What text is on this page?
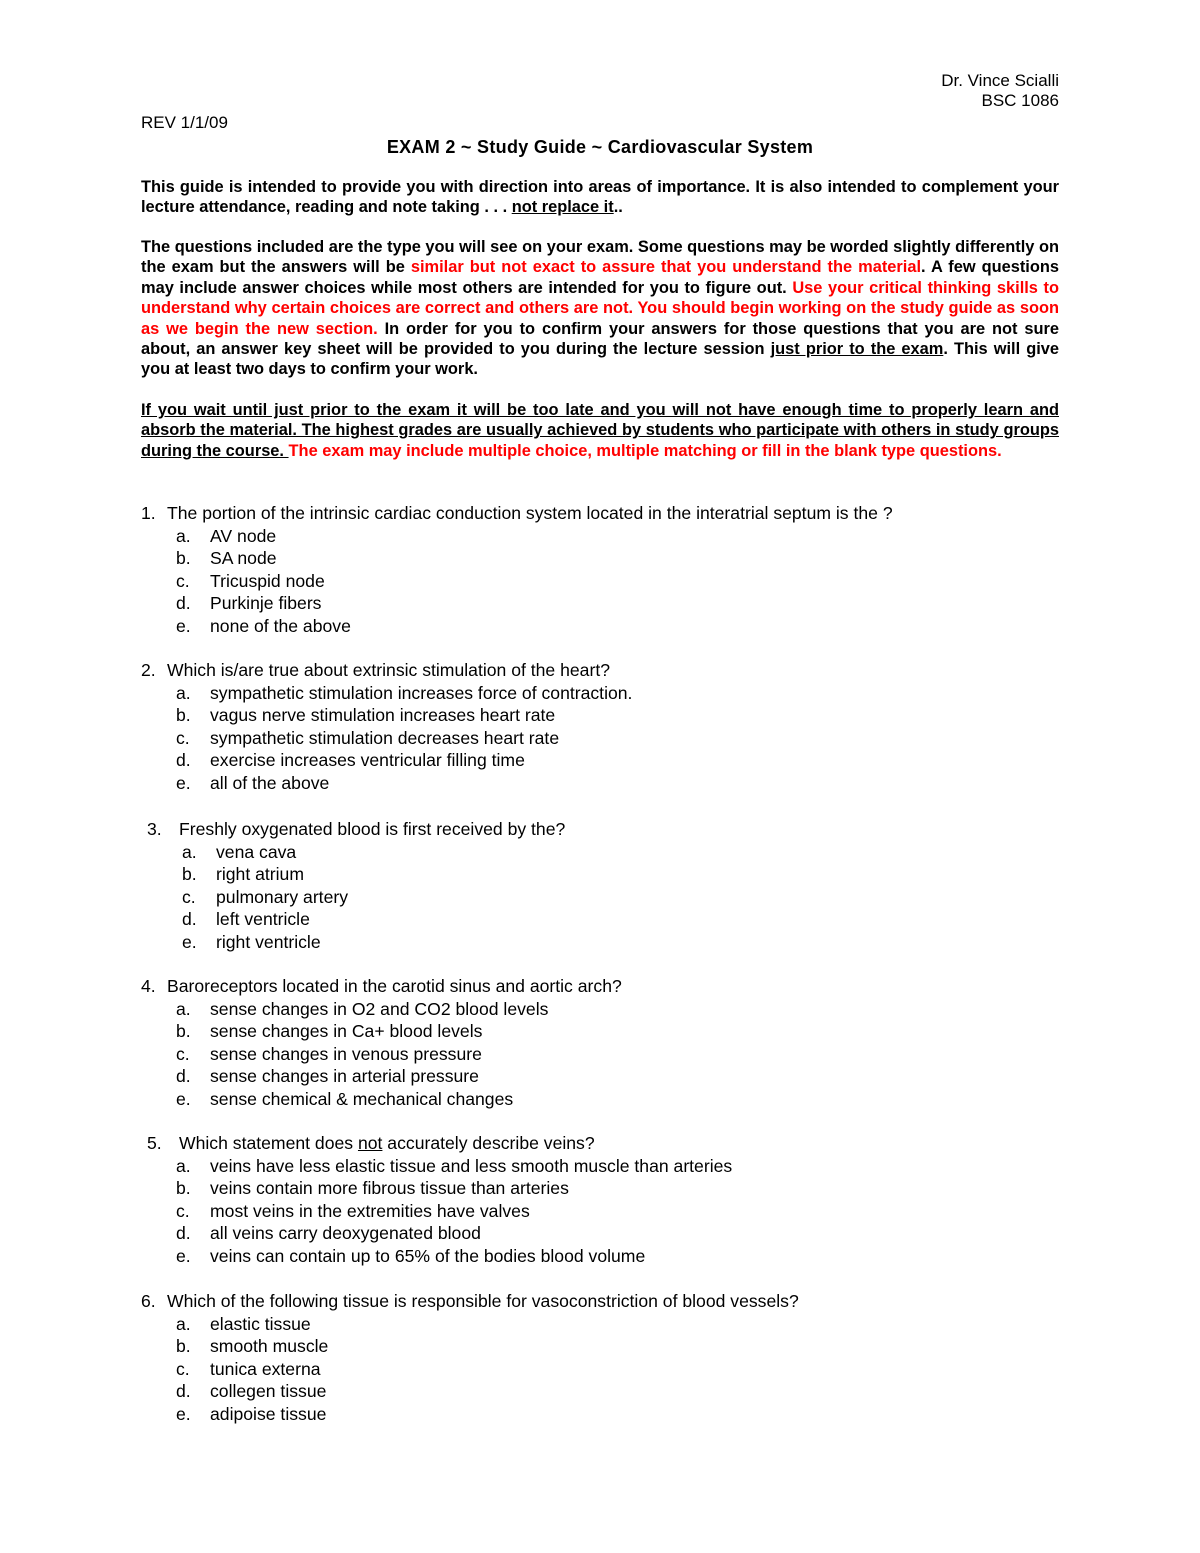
Dr. Vince Scialli
BSC 1086
REV 1/1/09
EXAM 2 ~ Study Guide ~ Cardiovascular System

This guide is intended to provide you with direction into areas of importance. It is also intended to complement your lecture attendance, reading and note taking . . . not replace it..

The questions included are the type you will see on your exam. Some questions may be worded slightly differently on the exam but the answers will be similar but not exact to assure that you understand the material. A few questions may include answer choices while most others are intended for you to figure out. Use your critical thinking skills to understand why certain choices are correct and others are not. You should begin working on the study guide as soon as we begin the new section. In order for you to confirm your answers for those questions that you are not sure about, an answer key sheet will be provided to you during the lecture session just prior to the exam. This will give you at least two days to confirm your work.

If you wait until just prior to the exam it will be too late and you will not have enough time to properly learn and absorb the material. The highest grades are usually achieved by students who participate with others in study groups during the course. The exam may include multiple choice, multiple matching or fill in the blank type questions.

1. The portion of the intrinsic cardiac conduction system located in the interatrial septum is the ?
a. AV node
b. SA node
c. Tricuspid node
d. Purkinje fibers
e. none of the above
2. Which is/are true about extrinsic stimulation of the heart?
a. sympathetic stimulation increases force of contraction.
b. vagus nerve stimulation increases heart rate
c. sympathetic stimulation decreases heart rate
d. exercise increases ventricular filling time
e. all of the above
3. Freshly oxygenated blood is first received by the?
a. vena cava
b. right atrium
c. pulmonary artery
d. left ventricle
e. right ventricle
4. Baroreceptors located in the carotid sinus and aortic arch?
a. sense changes in O2 and CO2 blood levels
b. sense changes in Ca+ blood levels
c. sense changes in venous pressure
d. sense changes in arterial pressure
e. sense chemical & mechanical changes
5. Which statement does not accurately describe veins?
a. veins have less elastic tissue and less smooth muscle than arteries
b. veins contain more fibrous tissue than arteries
c. most veins in the extremities have valves
d. all veins carry deoxygenated blood
e. veins can contain up to 65% of the bodies blood volume
6. Which of the following tissue is responsible for vasoconstriction of blood vessels?
a. elastic tissue
b. smooth muscle
c. tunica externa
d. collegen tissue
e. adipoise tissue
